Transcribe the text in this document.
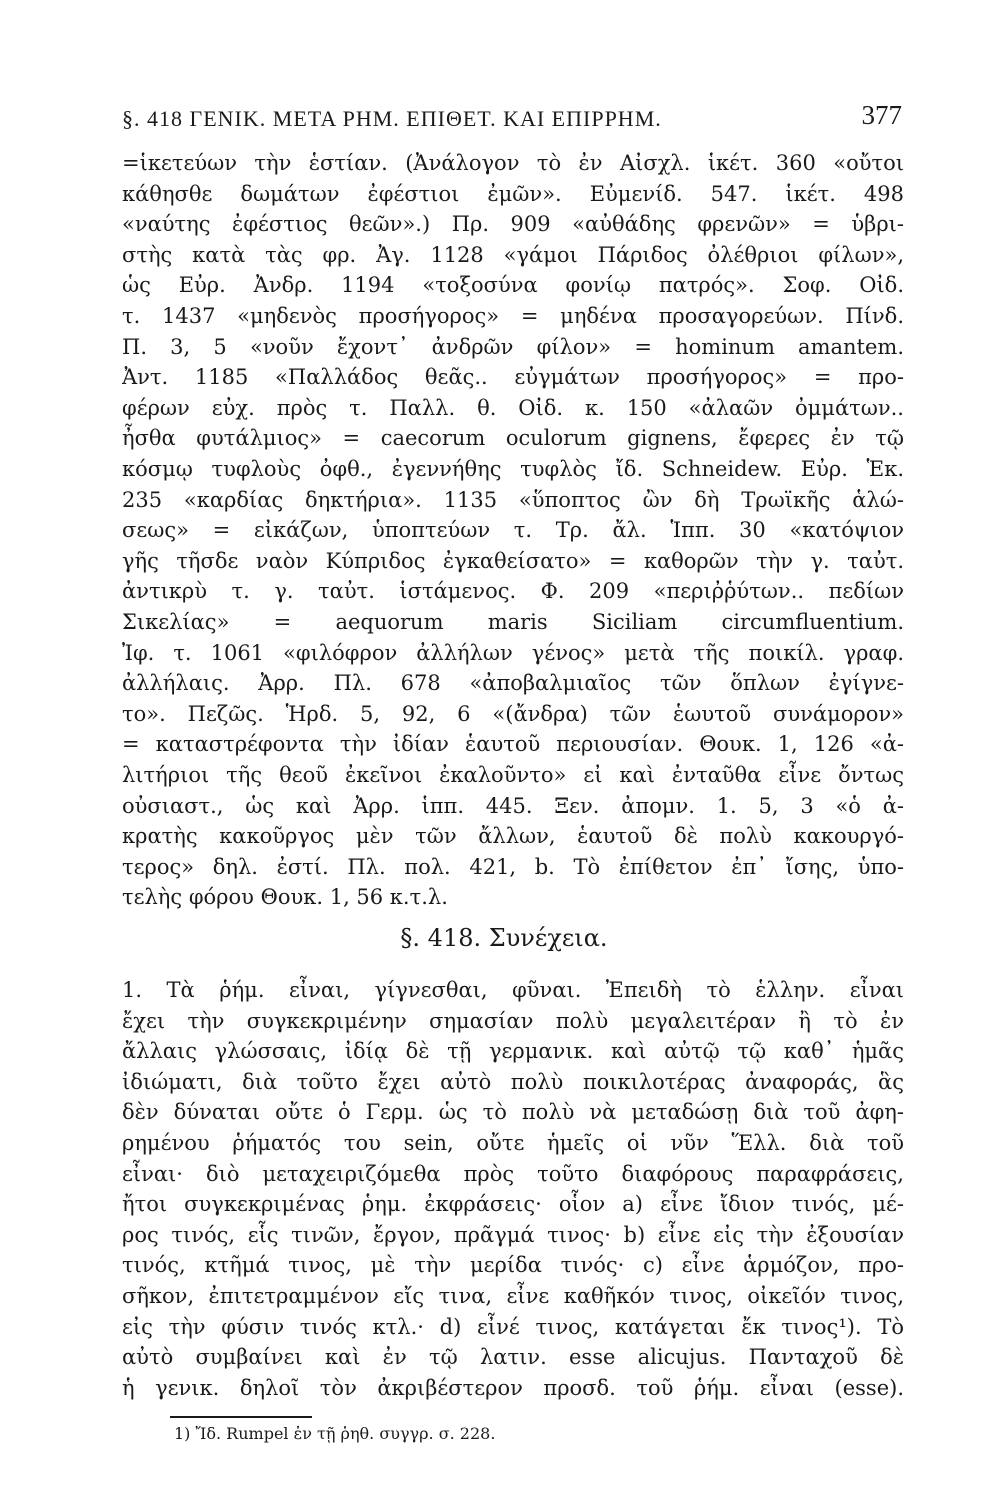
§. 418 ΓΕΝΙΚ. ΜΕΤΑ ΡΗΜ. ΕΠΙΘΕΤ. ΚΑΙ ΕΠΙΡΡΗΜ.	377
=ἱκετεύων τὴν ἑστίαν. (Ἀνάλογον τὸ ἐν Αἰσχλ. ἱκέτ. 360 «οὔτοι
κάθησθε δωμάτων ἐφέστιοι ἐμῶν». Εὐμενίδ. 547. ἱκέτ. 498
«ναύτης ἐφέστιος θεῶν».) Πρ. 909 «αὐθάδης φρενῶν» = ὑβρι-
στὴς κατὰ τὰς φρ. Ἀγ. 1128 «γάμοι Πάριδος ὀλέθριοι φίλων»,
ὡς Εὐρ. Ἀνδρ. 1194 «τοξοσύνα φονίῳ πατρός». Σοφ. Οἰδ.
τ. 1437 «μηδενὸς προσήγορος» = μηδένα προσαγορεύων. Πίνδ.
Π. 3, 5 «νοῦν ἔχοντ᾽ ἀνδρῶν φίλον» = hominum amantem.
Ἀντ. 1185 «Παλλάδος θεᾶς.. εὐγμάτων προσήγορος» = προ-
φέρων εὐχ. πρὸς τ. Παλλ. θ. Οἰδ. κ. 150 «ἀλαῶν ὀμμάτων..
ἦσθα φυτάλμιος» = caecorum oculorum gignens, ἔφερες ἐν τῷ
κόσμῳ τυφλοὺς ὀφθ., ἐγεννήθης τυφλὸς ἴδ. Schneidew. Εὐρ. Ἑκ.
235 «καρδίας δηκτήρια». 1135 «ὕποπτος ὢν δὴ Τρωϊκῆς ἁλώ-
σεως» = εἰκάζων, ὑποπτεύων τ. Τρ. ἄλ. Ἱππ. 30 «κατόψιον
γῆς τῆσδε ναὸν Κύπριδος ἐγκαθείσατο» = καθορῶν τὴν γ. ταὐτ.
ἀντικρὺ τ. γ. ταὐτ. ἱστάμενος. Φ. 209 «περιῤῥύτων.. πεδίων
Σικελίας» = aequorum maris Siciliam circumfluentium.
Ἰφ. τ. 1061 «φιλόφρον ἀλλήλων γένος» μετὰ τῆς ποικίλ. γραφ.
ἀλλήλαις. Ἀρρ. Πλ. 678 «ἀποβαλμιαῖος τῶν ὅπλων ἐγίγνε-
το». Πεζῶς. Ἡρδ. 5, 92, 6 «(ἄνδρα) τῶν ἑωυτοῦ συνάμορον»
= καταστρέφοντα τὴν ἰδίαν ἑαυτοῦ περιουσίαν. Θουκ. 1, 126 «ἀ-
λιτήριοι τῆς θεοῦ ἐκεῖνοι ἐκαλοῦντο» εἰ καὶ ἐνταῦθα εἶνε ὄντως
οὐσιαστ., ὡς καὶ Ἀρρ. ἱππ. 445. Ξεν. ἀπομν. 1. 5, 3 «ὁ ἀ-
κρατὴς κακοῦργος μὲν τῶν ἄλλων, ἑαυτοῦ δὲ πολὺ κακουργό-
τερος» δηλ. ἐστί. Πλ. πολ. 421, b. Τὸ ἐπίθετον ἐπ᾽ ἴσης, ὑπο-
τελὴς φόρου Θουκ. 1, 56 κ.τ.λ.
§. 418. Συνέχεια.
1. Τὰ ῥήμ. εἶναι, γίγνεσθαι, φῦναι. Ἐπειδὴ τὸ ἑλλην. εἶναι
ἔχει τὴν συγκεκριμένην σημασίαν πολὺ μεγαλειτέραν ἢ τὸ ἐν
ἄλλαις γλώσσαις, ἰδίᾳ δὲ τῇ γερμανικ. καὶ αὐτῷ τῷ καθ᾽ ἡμᾶς
ἰδιώματι, διὰ τοῦτο ἔχει αὐτὸ πολὺ ποικιλοτέρας ἀναφοράς, ἃς
δὲν δύναται οὔτε ὁ Γερμ. ὡς τὸ πολὺ νὰ μεταδώσῃ διὰ τοῦ ἀφη-
ρημένου ῥήματός του sein, οὔτε ἡμεῖς οἱ νῦν Ἕλλ. διὰ τοῦ
εἶναι· διὸ μεταχειριζόμεθα πρὸς τοῦτο διαφόρους παραφράσεις,
ἤτοι συγκεκριμένας ῥημ. ἐκφράσεις· οἷον a) εἶνε ἴδιον τινός, μέ-
ρος τινός, εἷς τινῶν, ἔργον, πρᾶγμά τινος· b) εἶνε εἰς τὴν ἐξουσίαν
τινός, κτῆμά τινος, μὲ τὴν μερίδα τινός· c) εἶνε ἁρμόζον, προ-
σῆκον, ἐπιτετραμμένον εἴς τινα, εἶνε καθῆκόν τινος, οἰκεῖόν τινος,
εἰς τὴν φύσιν τινός κτλ.· d) εἶνέ τινος, κατάγεται ἔκ τινος¹). Τὸ
αὐτὸ συμβαίνει καὶ ἐν τῷ λατιν. esse alicujus. Πανταχοῦ δὲ
ἡ γενικ. δηλοῖ τὸν ἀκριβέστερον προσδ. τοῦ ῥήμ. εἶναι (esse).
1) Ἴδ. Rumpel ἐν τῇ ῥηθ. συγγρ. σ. 228.
